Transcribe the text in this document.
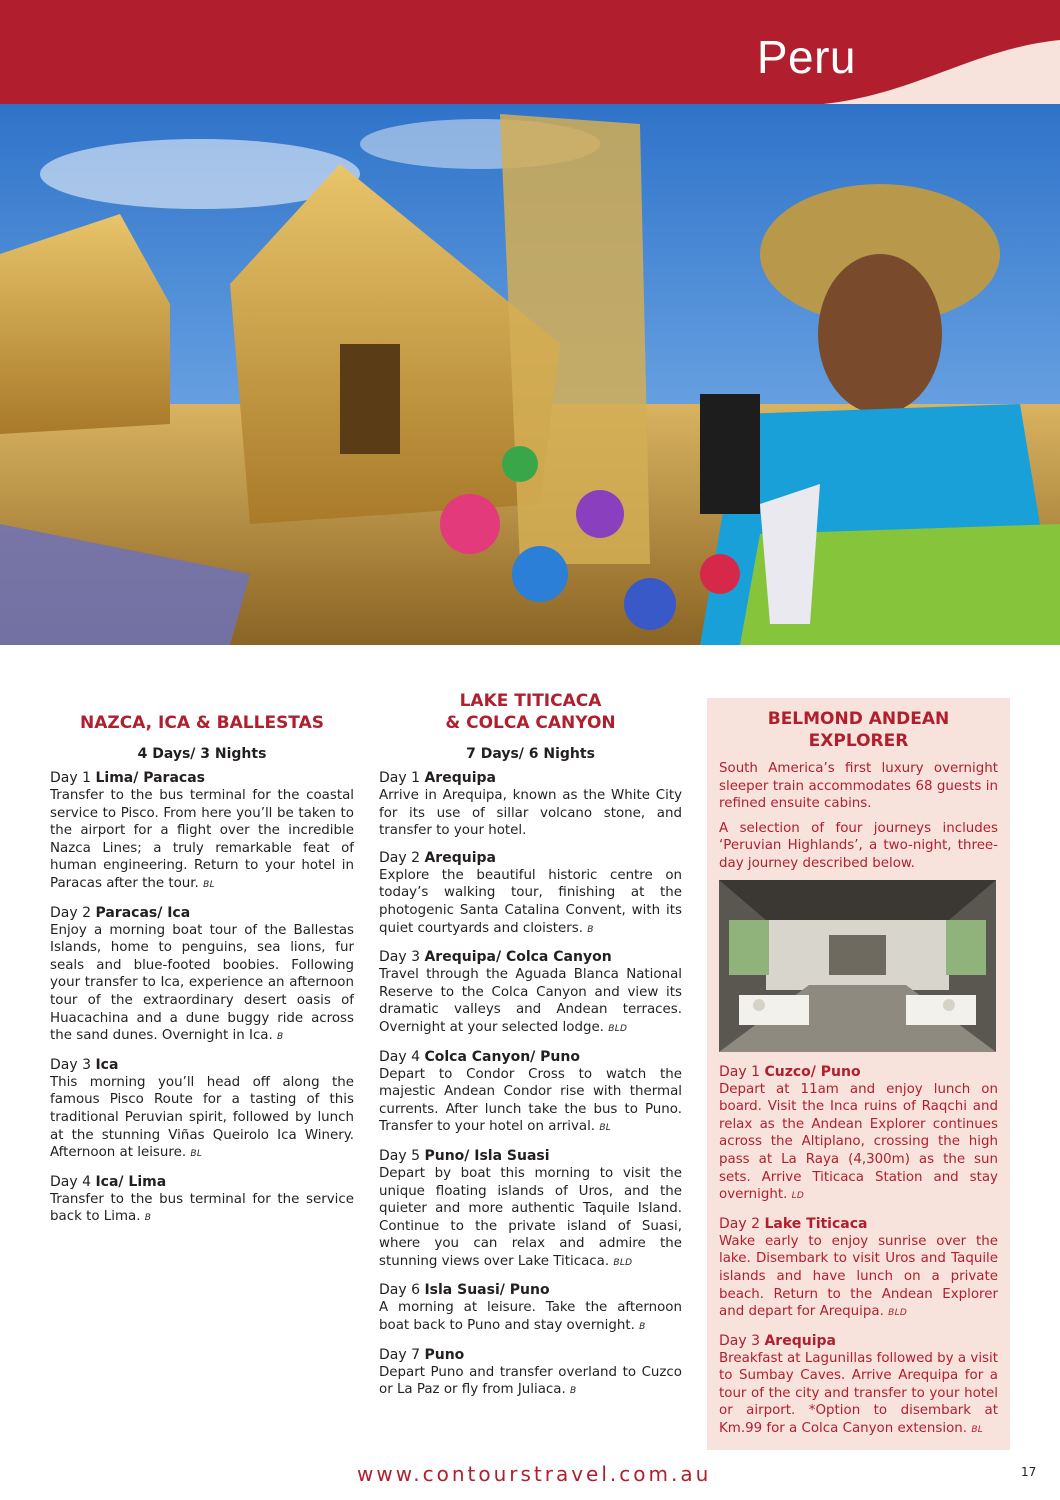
Peru
NAZCA, ICA & BALLESTAS
4 Days/ 3 Nights
Day 1 Lima/ Paracas
Transfer to the bus terminal for the coastal service to Pisco. From here you’ll be taken to the airport for a flight over the incredible Nazca Lines; a truly remarkable feat of human engineering. Return to your hotel in Paracas after the tour. BL
Day 2 Paracas/ Ica
Enjoy a morning boat tour of the Ballestas Islands, home to penguins, sea lions, fur seals and blue-footed boobies. Following your transfer to Ica, experience an afternoon tour of the extraordinary desert oasis of Huacachina and a dune buggy ride across the sand dunes. Overnight in Ica. B
Day 3 Ica
This morning you’ll head off along the famous Pisco Route for a tasting of this traditional Peruvian spirit, followed by lunch at the stunning Viñas Queirolo Ica Winery. Afternoon at leisure. BL
Day 4 Ica/ Lima
Transfer to the bus terminal for the service back to Lima. B
LAKE TITICACA
& COLCA CANYON
7 Days/ 6 Nights
Day 1 Arequipa
Arrive in Arequipa, known as the White City for its use of sillar volcano stone, and transfer to your hotel.
Day 2 Arequipa
Explore the beautiful historic centre on today’s walking tour, finishing at the photogenic Santa Catalina Convent, with its quiet courtyards and cloisters. B
Day 3 Arequipa/ Colca Canyon
Travel through the Aguada Blanca National Reserve to the Colca Canyon and view its dramatic valleys and Andean terraces. Overnight at your selected lodge. BLD
Day 4 Colca Canyon/ Puno
Depart to Condor Cross to watch the majestic Andean Condor rise with thermal currents. After lunch take the bus to Puno. Transfer to your hotel on arrival. BL
Day 5 Puno/ Isla Suasi
Depart by boat this morning to visit the unique floating islands of Uros, and the quieter and more authentic Taquile Island. Continue to the private island of Suasi, where you can relax and admire the stunning views over Lake Titicaca. BLD
Day 6 Isla Suasi/ Puno
A morning at leisure. Take the afternoon boat back to Puno and stay overnight. B
Day 7 Puno
Depart Puno and transfer overland to Cuzco or La Paz or fly from Juliaca. B
BELMOND ANDEAN EXPLORER

South America’s first luxury overnight sleeper train accommodates 68 guests in refined ensuite cabins.

A selection of four journeys includes ‘Peruvian Highlands’, a two-night, three-day journey described below.

Day 1 Cuzco/ Puno
Depart at 11am and enjoy lunch on board. Visit the Inca ruins of Raqchi and relax as the Andean Explorer continues across the Altiplano, crossing the high pass at La Raya (4,300m) as the sun sets. Arrive Titicaca Station and stay overnight. LD
Day 2 Lake Titicaca
Wake early to enjoy sunrise over the lake. Disembark to visit Uros and Taquile islands and have lunch on a private beach. Return to the Andean Explorer and depart for Arequipa. BLD
Day 3 Arequipa
Breakfast at Lagunillas followed by a visit to Sumbay Caves. Arrive Arequipa for a tour of the city and transfer to your hotel or airport. *Option to disembark at Km.99 for a Colca Canyon extension. BL
www.contourstravel.com.au	17
